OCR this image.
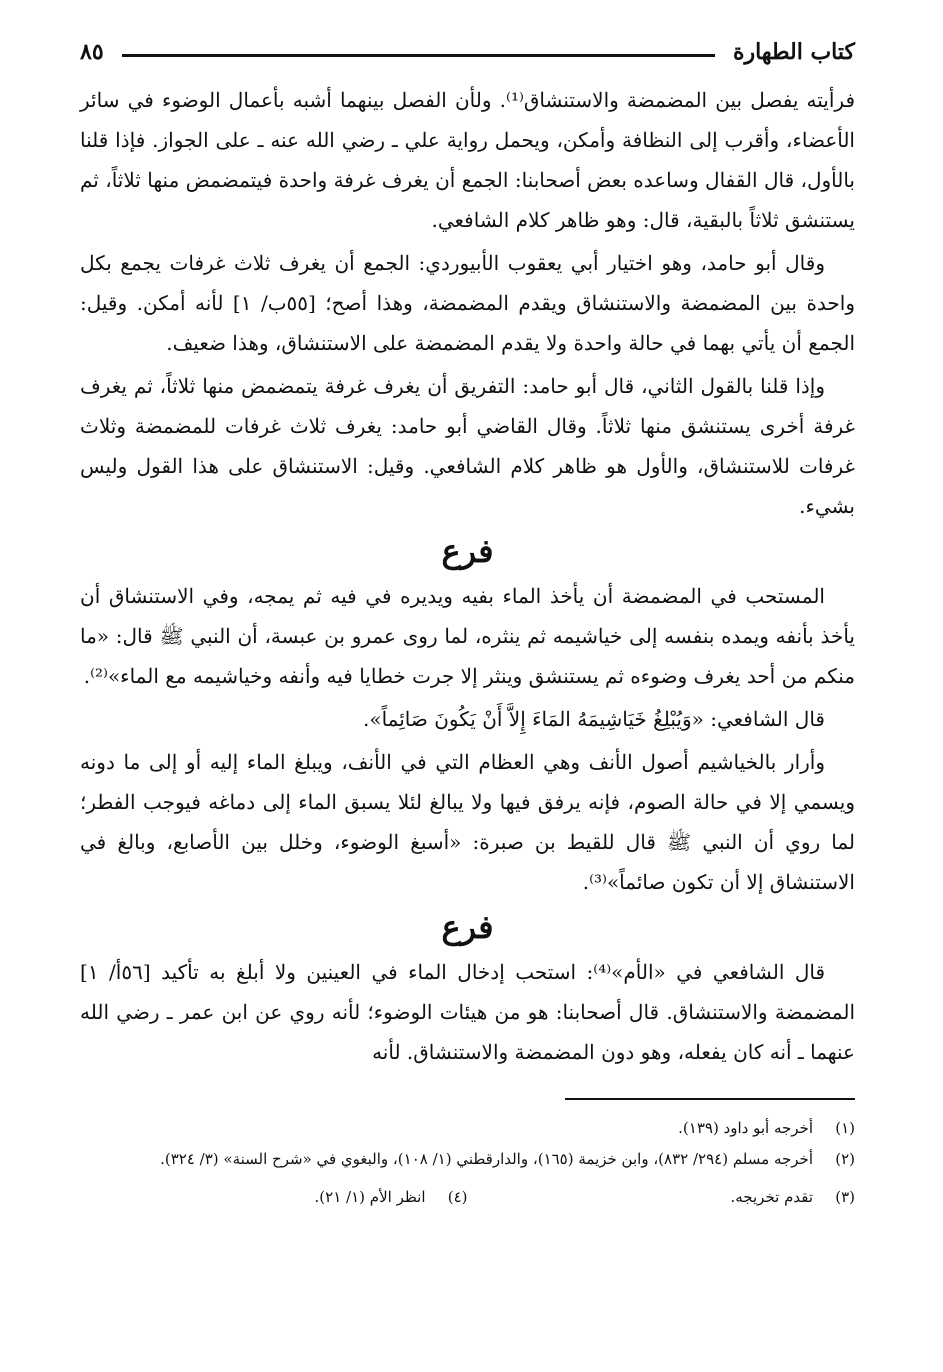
كتاب الطهارة
٨٥

فرأيته يفصل بين المضمضة والاستنشاق⁽¹⁾. ولأن الفصل بينهما أشبه بأعمال الوضوء في سائر الأعضاء، وأقرب إلى النظافة وأمكن، ويحمل رواية علي ـ رضي الله عنه ـ على الجواز. فإذا قلنا بالأول، قال القفال وساعده بعض أصحابنا: الجمع أن يغرف غرفة واحدة فيتمضمض منها ثلاثاً، ثم يستنشق ثلاثاً بالبقية، قال: وهو ظاهر كلام الشافعي.

وقال أبو حامد، وهو اختيار أبي يعقوب الأبيوردي: الجمع أن يغرف ثلاث غرفات يجمع بكل واحدة بين المضمضة والاستنشاق ويقدم المضمضة، وهذا أصح؛ [٥٥ب/ ١] لأنه أمكن. وقيل: الجمع أن يأتي بهما في حالة واحدة ولا يقدم المضمضة على الاستنشاق، وهذا ضعيف.

وإذا قلنا بالقول الثاني، قال أبو حامد: التفريق أن يغرف غرفة يتمضمض منها ثلاثاً، ثم يغرف غرفة أخرى يستنشق منها ثلاثاً. وقال القاضي أبو حامد: يغرف ثلاث غرفات للمضمضة وثلاث غرفات للاستنشاق، والأول هو ظاهر كلام الشافعي. وقيل: الاستنشاق على هذا القول وليس بشيء.

فرع

المستحب في المضمضة أن يأخذ الماء بفيه ويديره في فيه ثم يمجه، وفي الاستنشاق أن يأخذ بأنفه ويمده بنفسه إلى خياشيمه ثم ينثره، لما روى عمرو بن عبسة، أن النبي ﷺ قال: «ما منكم من أحد يغرف وضوءه ثم يستنشق وينثر إلا جرت خطايا فيه وأنفه وخياشيمه مع الماء»⁽²⁾.

قال الشافعي: «وَيُبْلِغُ خَيَاشِيمَهُ المَاءَ إِلاَّ أَنْ يَكُونَ صَائِماً».

وأرار بالخياشيم أصول الأنف وهي العظام التي في الأنف، ويبلغ الماء إليه أو إلى ما دونه ويسمي إلا في حالة الصوم، فإنه يرفق فيها ولا يبالغ لئلا يسبق الماء إلى دماغه فيوجب الفطر؛ لما روي أن النبي ﷺ قال للقيط بن صبرة: «أسبغ الوضوء، وخلل بين الأصابع، وبالغ في الاستنشاق إلا أن تكون صائماً»⁽³⁾.

فرع

قال الشافعي في «الأم»⁽⁴⁾: استحب إدخال الماء في العينين ولا أبلغ به تأكيد [٥٦أ/ ١] المضمضة والاستنشاق. قال أصحابنا: هو من هيئات الوضوء؛ لأنه روي عن ابن عمر ـ رضي الله عنهما ـ أنه كان يفعله، وهو دون المضمضة والاستنشاق. لأنه

(١)
أخرجه أبو داود (١٣٩).
(٢)
أخرجه مسلم (٢٩٤/ ٨٣٢)، وابن خزيمة (١٦٥)، والدارقطني (١/ ١٠٨)، والبغوي في «شرح السنة» (٣/ ٣٢٤).
(٣)
تقدم تخريجه.
(٤)
انظر الأم (١/ ٢١).
